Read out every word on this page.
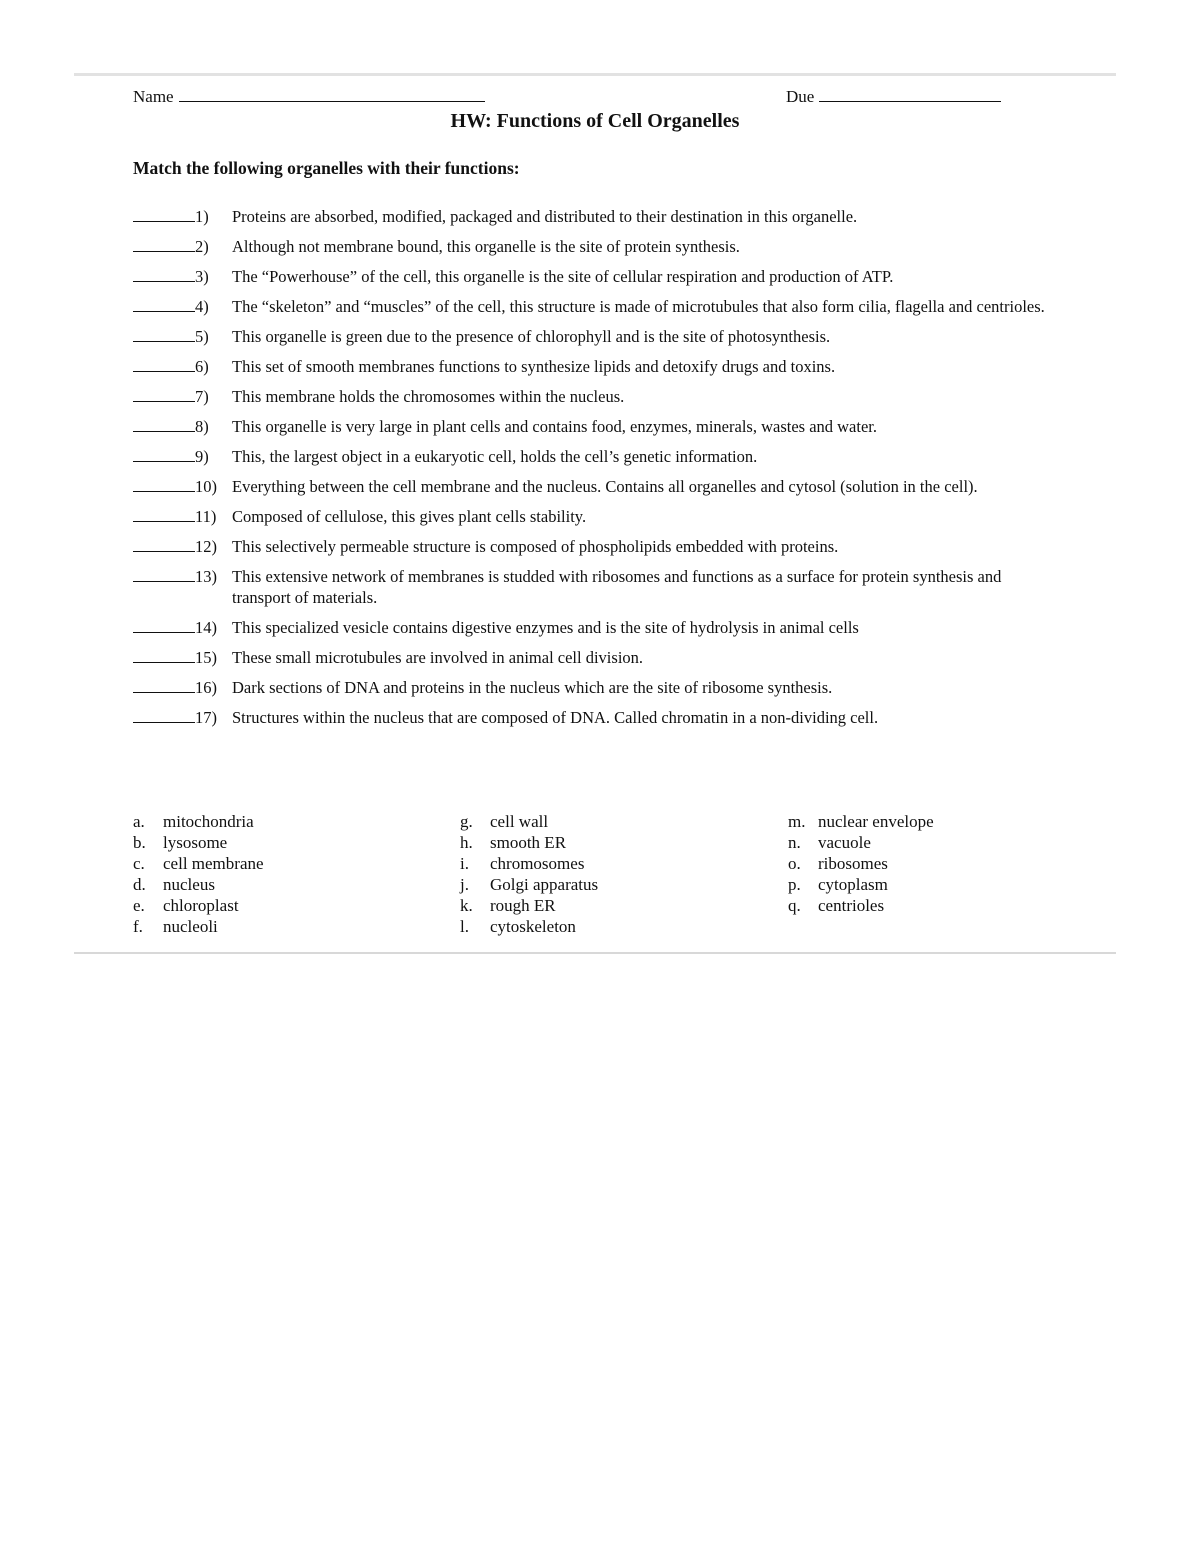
Name	Due
HW: Functions of Cell Organelles
Match the following organelles with their functions:
1) Proteins are absorbed, modified, packaged and distributed to their destination in this organelle.
2) Although not membrane bound, this organelle is the site of protein synthesis.
3) The “Powerhouse” of the cell, this organelle is the site of cellular respiration and production of ATP.
4) The “skeleton” and “muscles” of the cell, this structure is made of microtubules that also form cilia, flagella and centrioles.
5) This organelle is green due to the presence of chlorophyll and is the site of photosynthesis.
6) This set of smooth membranes functions to synthesize lipids and detoxify drugs and toxins.
7) This membrane holds the chromosomes within the nucleus.
8) This organelle is very large in plant cells and contains food, enzymes, minerals, wastes and water.
9) This, the largest object in a eukaryotic cell, holds the cell’s genetic information.
10) Everything between the cell membrane and the nucleus. Contains all organelles and cytosol (solution in the cell).
11) Composed of cellulose, this gives plant cells stability.
12) This selectively permeable structure is composed of phospholipids embedded with proteins.
13) This extensive network of membranes is studded with ribosomes and functions as a surface for protein synthesis and transport of materials.
14) This specialized vesicle contains digestive enzymes and is the site of hydrolysis in animal cells
15) These small microtubules are involved in animal cell division.
16) Dark sections of DNA and proteins in the nucleus which are the site of ribosome synthesis.
17) Structures within the nucleus that are composed of DNA. Called chromatin in a non-dividing cell.
a. mitochondria
b. lysosome
c. cell membrane
d. nucleus
e. chloroplast
f. nucleoli
g. cell wall
h. smooth ER
i. chromosomes
j. Golgi apparatus
k. rough ER
l. cytoskeleton
m. nuclear envelope
n. vacuole
o. ribosomes
p. cytoplasm
q. centrioles
